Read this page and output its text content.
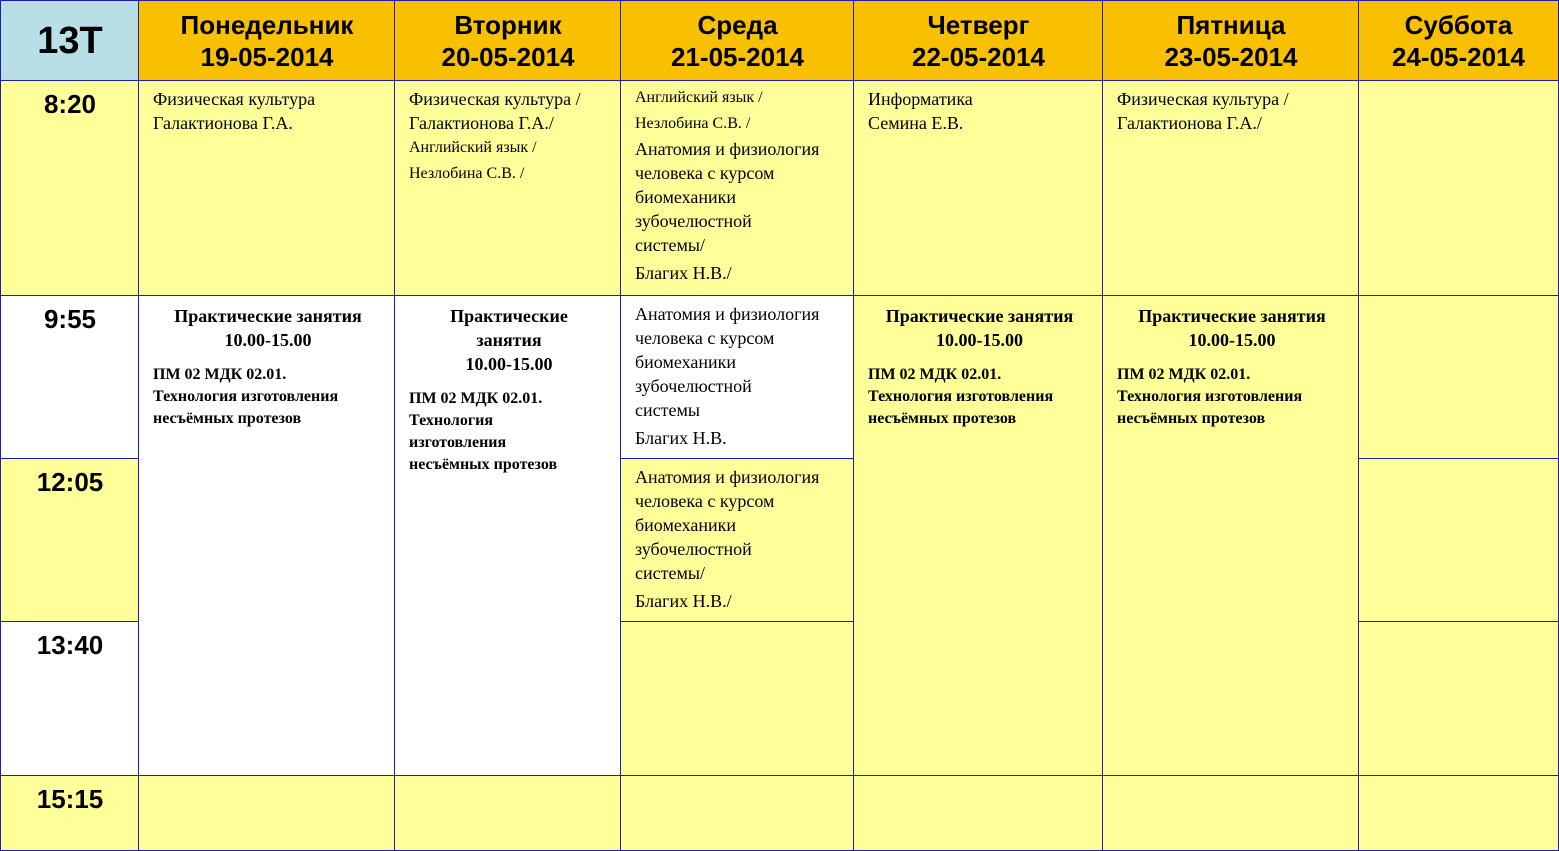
13Т	Понедельник
19-05-2014
Вторник
20-05-2014
Среда
21-05-2014
Четверг
22-05-2014
Пятница
23-05-2014
Суббота
24-05-2014
8:20
9:55
12:05
13:40
15:15
Физическая культура
Галактионова Г.А.
Физическая культура /
Галактионова Г.А./
Английский язык /
Незлобина С.В. /
Английский язык /
Незлобина С.В. /
Анатомия и физиология
человека с курсом
биомеханики
зубочелюстной
системы/
Благих Н.В./
Информатика
Семина Е.В.
Физическая культура /
Галактионова Г.А./
Практические занятия
10.00-15.00
ПМ 02 МДК 02.01.
Технология изготовления
несъёмных протезов
Практические
занятия
10.00-15.00
ПМ 02 МДК 02.01.
Технология
изготовления
несъёмных протезов
Анатомия и физиология
человека с курсом
биомеханики
зубочелюстной
системы
Благих Н.В.
Анатомия и физиология
человека с курсом
биомеханики
зубочелюстной
системы/
Благих Н.В./
Практические занятия
10.00-15.00
ПМ 02 МДК 02.01.
Технология изготовления
несъёмных протезов
Практические занятия
10.00-15.00
ПМ 02 МДК 02.01.
Технология изготовления
несъёмных протезов
